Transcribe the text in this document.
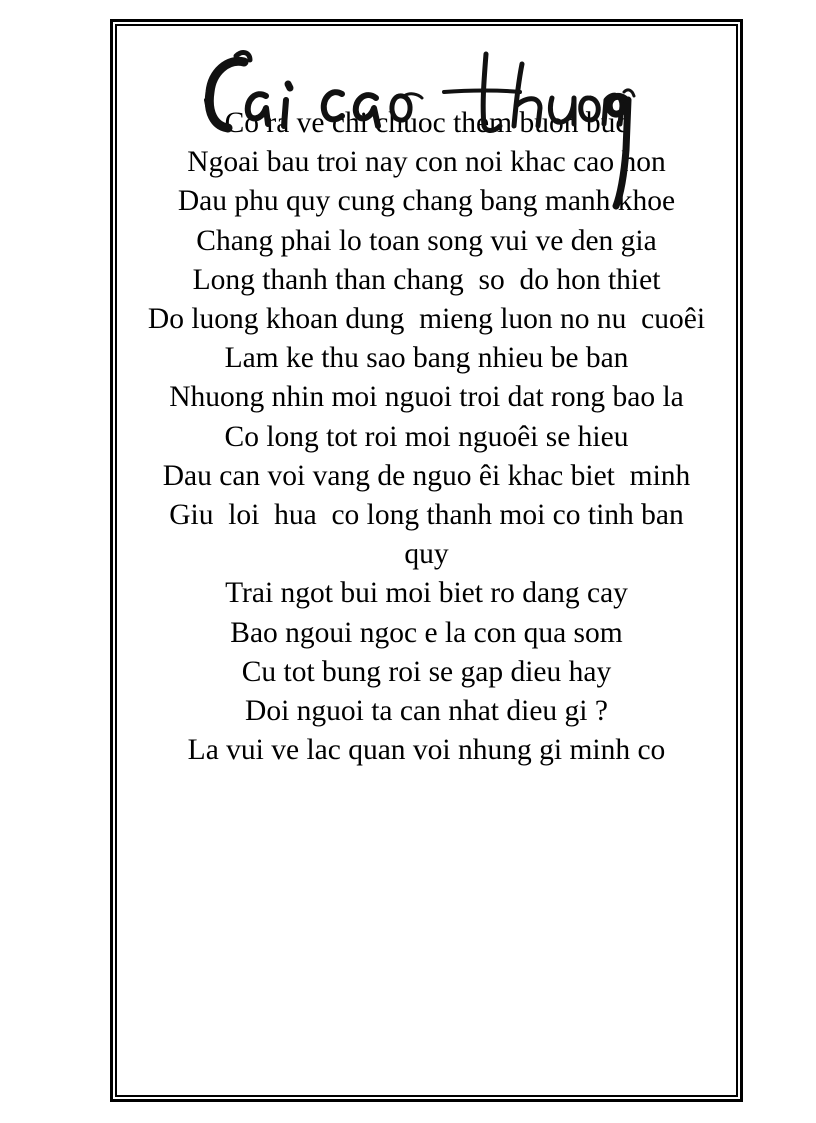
Co ra ve chi chuoc them buon buc
Ngoai bau troi nay con noi khac cao hon
Dau phu quy cung chang bang manh khoe
Chang phai lo toan song vui ve den gia
Long thanh than chang  so  do hon thiet
Do luong khoan dung  mieng luon no nu  cuoêi
Lam ke thu sao bang nhieu be ban
Nhuong nhin moi nguoi troi dat rong bao la
Co long tot roi moi nguoêi se hieu
Dau can voi vang de nguo êi khac biet  minh
Giu  loi  hua  co long thanh moi co tinh ban
quy
Trai ngot bui moi biet ro dang cay
Bao ngoui ngoc e la con qua som
Cu tot bung roi se gap dieu hay
Doi nguoi ta can nhat dieu gi ?
La vui ve lac quan voi nhung gi minh co
